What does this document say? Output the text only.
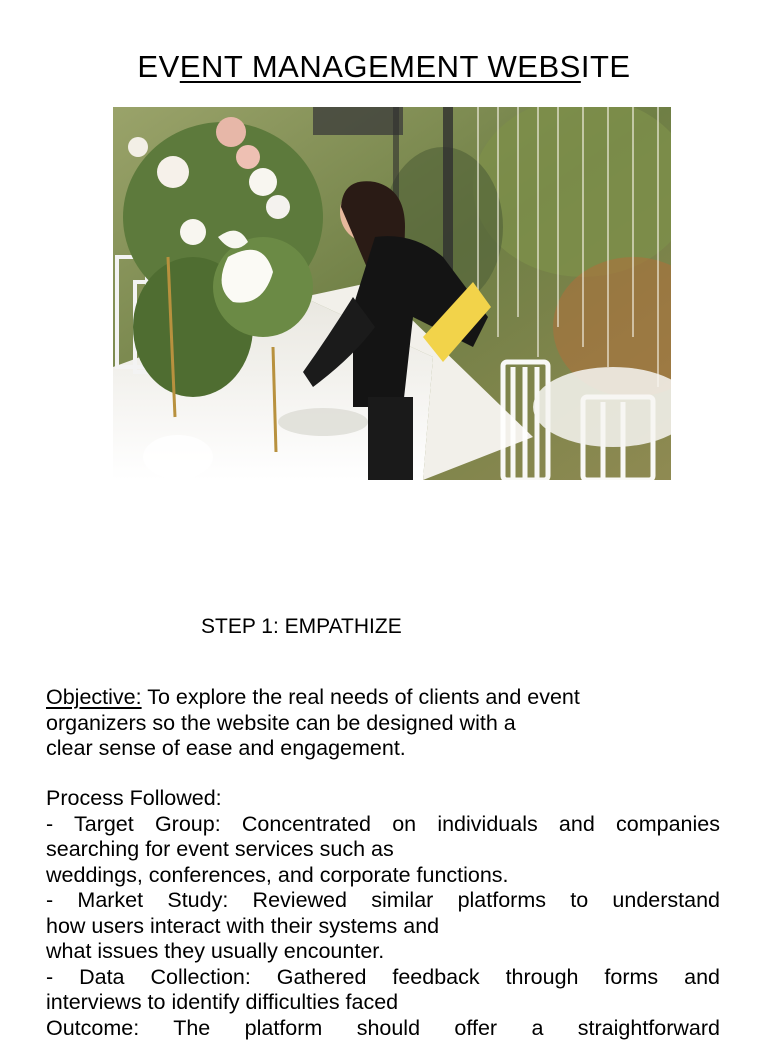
EVENT MANAGEMENT WEBSITE
STEP 1: EMPATHIZE

Objective: To explore the real needs of clients and event
organizers so the website can be designed with a
clear sense of ease and engagement.

Process Followed:
- Target Group: Concentrated on individuals and companies
searching for event services such as
weddings, conferences, and corporate functions.
- Market Study: Reviewed similar platforms to understand
how users interact with their systems and
what issues they usually encounter.
- Data Collection: Gathered feedback through forms and
interviews to identify difficulties faced
Outcome: The platform should offer a straightforward
